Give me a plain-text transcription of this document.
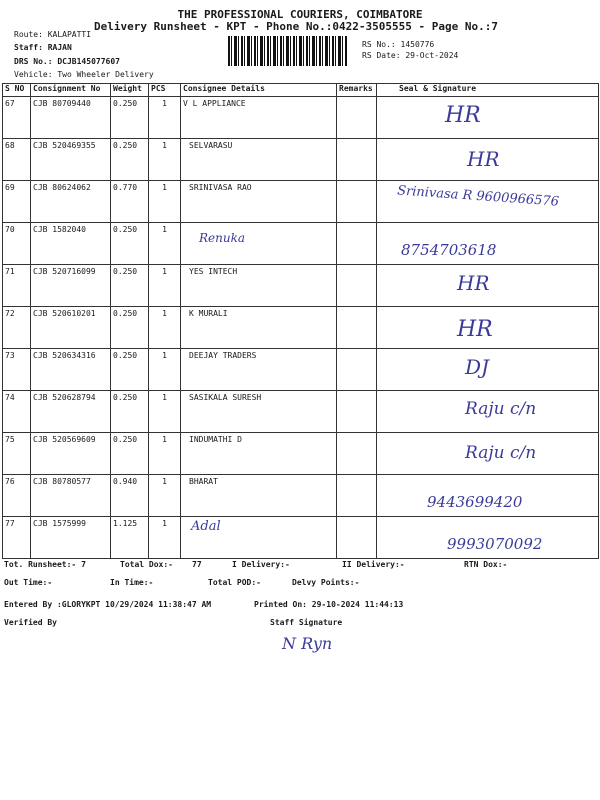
THE PROFESSIONAL COURIERS, COIMBATORE
Delivery Runsheet - KPT - Phone No.:0422-3505555 - Page No.:7
Route: KALAPATTI
Staff: RAJAN
DRS No.: DCJB145077607
Vehicle: Two Wheeler Delivery
RS No.: 1450776
RS Date: 29-Oct-2024
S NO	Consignment No	Weight	PCS	Consignee Details	Remarks	Seal & Signature
67	CJB 80709440	0.250	1	V L APPLIANCE		HR

68	CJB 520469355	0.250	1	SELVARASU		HR

69	CJB 80624062	0.770	1	SRINIVASA RAO		Srinivasa R 9600966576

70	CJB 1582040	0.250	1	Renuka		8754703618

71	CJB 520716099	0.250	1	YES INTECH		HR

72	CJB 520610201	0.250	1	K MURALI		HR

73	CJB 520634316	0.250	1	DEEJAY TRADERS		DJ

74	CJB 520628794	0.250	1	SASIKALA SURESH		Raju c/n

75	CJB 520569609	0.250	1	INDUMATHI D		Raju c/n

76	CJB 80780577	0.940	1	BHARAT		9443699420

77	CJB 1575999	1.125	1	Adal		9993070092
Tot. Runsheet:- 7	Total Dox:- 77	I Delivery:-	II Delivery:-	RTN Dox:-
Out Time:-	In Time:-	Total POD:-	Delvy Points:-
Entered By :GLORYKPT 10/29/2024 11:38:47 AM	Printed On: 29-10-2024 11:44:13
Verified By	Staff Signature
N Ryn
